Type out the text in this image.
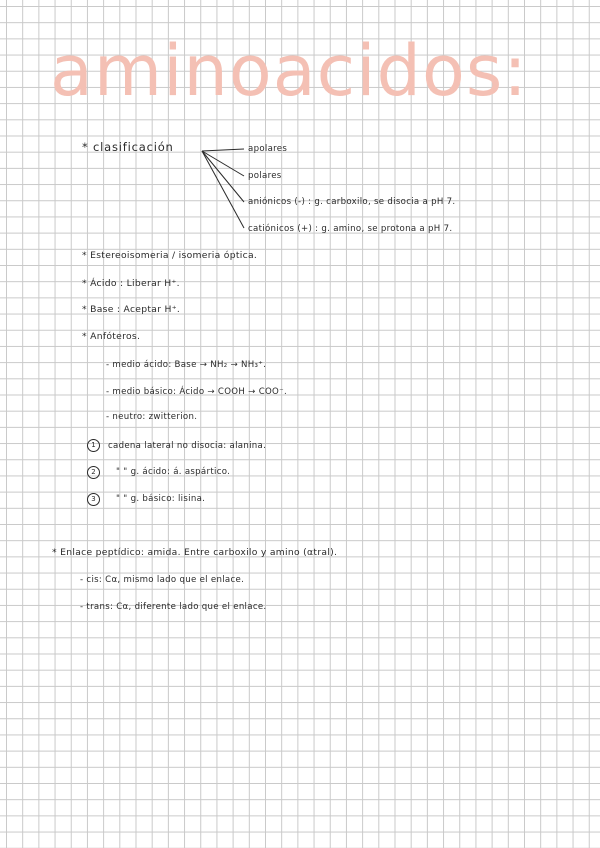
aminoacidos:
* clasificación	apolares
polares
aniónicos (-) : g. carboxilo, se disocia a pH 7.
catiónicos (+) : g. amino, se protona a pH 7.
* Estereoisomeria / isomeria óptica.
* Ácido : Liberar H⁺.
* Base : Aceptar H⁺.
* Anfóteros.
- medio ácido: Base → NH₂ → NH₃⁺.
- medio básico: Ácido → COOH → COO⁻.
- neutro: zwitterion.
1	cadena lateral no disocia: alanina.
2	" " g. ácido: á. aspártico.
3	" " g. básico: lisina.
* Enlace peptídico: amida. Entre carboxilo y amino (αtral).
- cis: Cα, mismo lado que el enlace.
- trans: Cα, diferente lado que el enlace.
